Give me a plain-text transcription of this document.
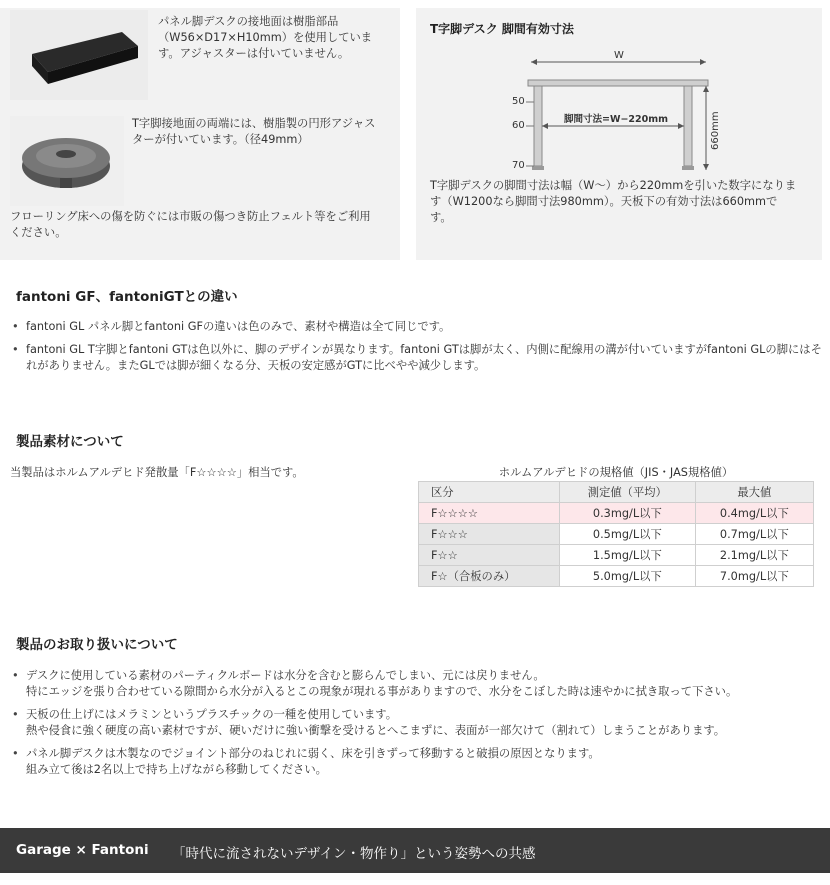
パネル脚デスクの接地面は樹脂部品
（W56×D17×H10mm）を使用していま
す。アジャスターは付いていません。
T字脚接地面の両端には、樹脂製の円形アジャス
ターが付いています。（径49mm）
フローリング床への傷を防ぐには市販の傷つき防止フェルト等をご利用
ください。
T字脚デスク 脚間有効寸法
W
脚間寸法=W−220mm
50
60
70
660mm
T字脚デスクの脚間寸法は幅（W〜）から220mmを引いた数字になりま
す（W1200なら脚間寸法980mm）。天板下の有効寸法は660mmで
す。
fantoni GF、fantoniGTとの違い
• fantoni GL パネル脚とfantoni GFの違いは色のみで、素材や構造は全て同じです。
• fantoni GL T字脚とfantoni GTは色以外に、脚のデザインが異なります。fantoni GTは脚が太く、内側に配線用の溝が付いていますがfantoni GLの脚にはそ
れがありません。またGLでは脚が細くなる分、天板の安定感がGTに比べやや減少します。
製品素材について
当製品はホルムアルデヒド発散量「F☆☆☆☆」相当です。	ホルムアルデヒドの規格値（JIS・JAS規格値）
区分	測定値（平均）	最大値
F☆☆☆☆	0.3mg/L以下	0.4mg/L以下
F☆☆☆	0.5mg/L以下	0.7mg/L以下
F☆☆	1.5mg/L以下	2.1mg/L以下
F☆（合板のみ）	5.0mg/L以下	7.0mg/L以下
製品のお取り扱いについて
• デスクに使用している素材のパーティクルボードは水分を含むと膨らんでしまい、元には戻りません。
特にエッジを張り合わせている隙間から水分が入るとこの現象が現れる事がありますので、水分をこぼした時は速やかに拭き取って下さい。
• 天板の仕上げにはメラミンというプラスチックの一種を使用しています。
熱や侵食に強く硬度の高い素材ですが、硬いだけに強い衝撃を受けるとへこまずに、表面が一部欠けて（割れて）しまうことがあります。
• パネル脚デスクは木製なのでジョイント部分のねじれに弱く、床を引きずって移動すると破損の原因となります。
組み立て後は2名以上で持ち上げながら移動してください。
Garage × Fantoni 「時代に流されないデザイン・物作り」という姿勢への共感
